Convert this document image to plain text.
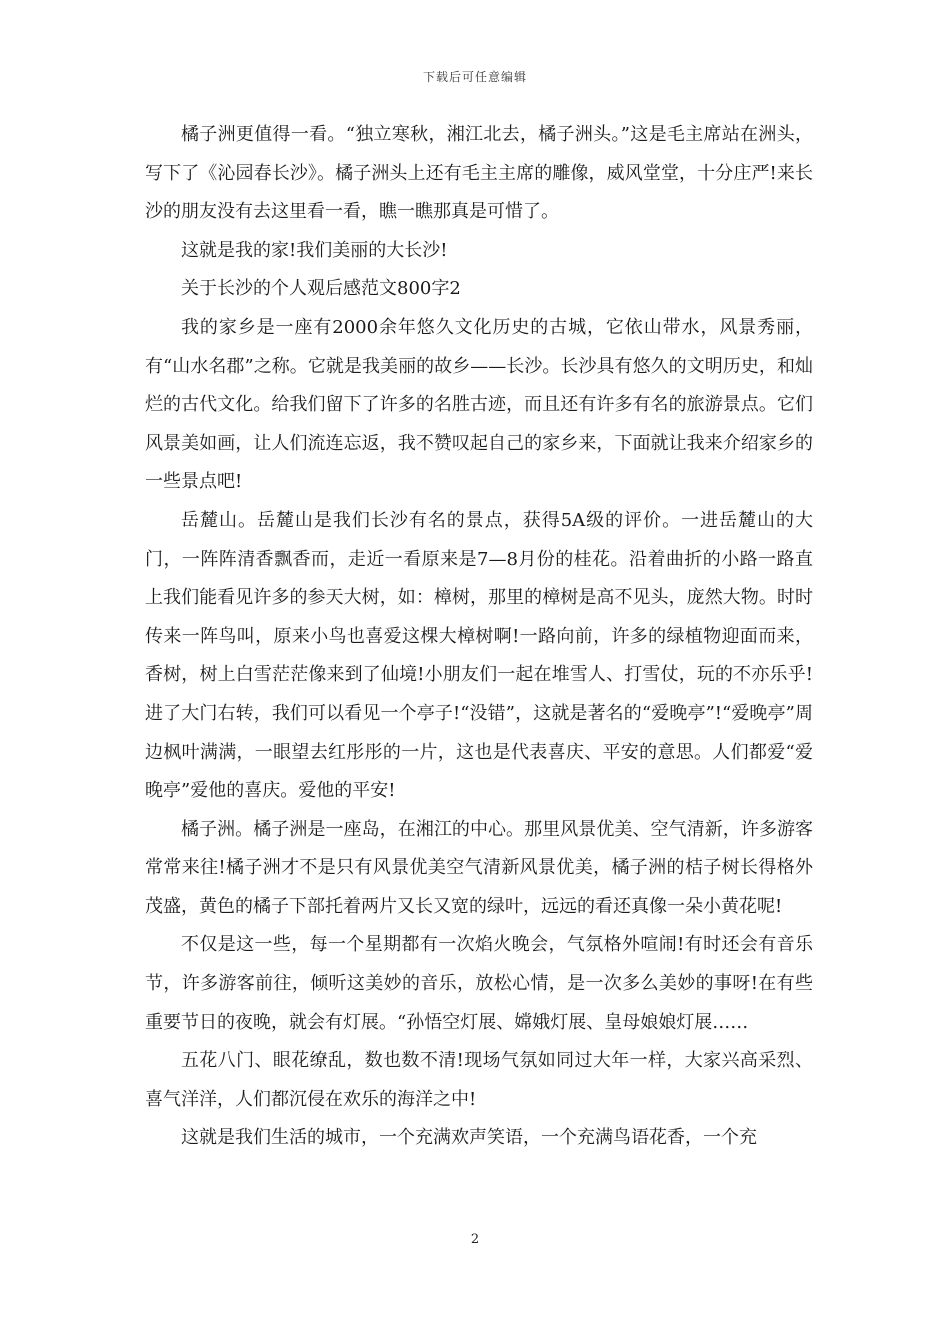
下载后可任意编辑

橘子洲更值得一看。“独立寒秋，湘江北去，橘子洲头。”这是毛主席站在洲头，写下了《沁园春长沙》。橘子洲头上还有毛主主席的雕像，威风堂堂，十分庄严!来长沙的朋友没有去这里看一看，瞧一瞧那真是可惜了。

这就是我的家!我们美丽的大长沙!

关于长沙的个人观后感范文800字2

我的家乡是一座有2000余年悠久文化历史的古城，它依山带水，风景秀丽，有“山水名郡”之称。它就是我美丽的故乡——长沙。长沙具有悠久的文明历史，和灿烂的古代文化。给我们留下了许多的名胜古迹，而且还有许多有名的旅游景点。它们风景美如画，让人们流连忘返，我不赞叹起自己的家乡来，下面就让我来介绍家乡的一些景点吧!

岳麓山。岳麓山是我们长沙有名的景点，获得5A级的评价。一进岳麓山的大门，一阵阵清香飘香而，走近一看原来是7—8月份的桂花。沿着曲折的小路一路直上我们能看见许多的参天大树，如：樟树，那里的樟树是高不见头，庞然大物。时时传来一阵鸟叫，原来小鸟也喜爱这棵大樟树啊!一路向前，许多的绿植物迎面而来，香树，树上白雪茫茫像来到了仙境!小朋友们一起在堆雪人、打雪仗，玩的不亦乐乎!进了大门右转，我们可以看见一个亭子!“没错”，这就是著名的“爱晚亭”!“爱晚亭”周边枫叶满满，一眼望去红彤彤的一片，这也是代表喜庆、平安的意思。人们都爱“爱晚亭”爱他的喜庆。爱他的平安!

橘子洲。橘子洲是一座岛，在湘江的中心。那里风景优美、空气清新，许多游客常常来往!橘子洲才不是只有风景优美空气清新风景优美，橘子洲的桔子树长得格外茂盛，黄色的橘子下部托着两片又长又宽的绿叶，远远的看还真像一朵小黄花呢!

不仅是这一些，每一个星期都有一次焰火晚会，气氛格外喧闹!有时还会有音乐节，许多游客前往，倾听这美妙的音乐，放松心情，是一次多么美妙的事呀!在有些重要节日的夜晚，就会有灯展。“孙悟空灯展、嫦娥灯展、皇母娘娘灯展……

五花八门、眼花缭乱，数也数不清!现场气氛如同过大年一样，大家兴高采烈、喜气洋洋，人们都沉侵在欢乐的海洋之中!

这就是我们生活的城市，一个充满欢声笑语，一个充满鸟语花香，一个充

2
